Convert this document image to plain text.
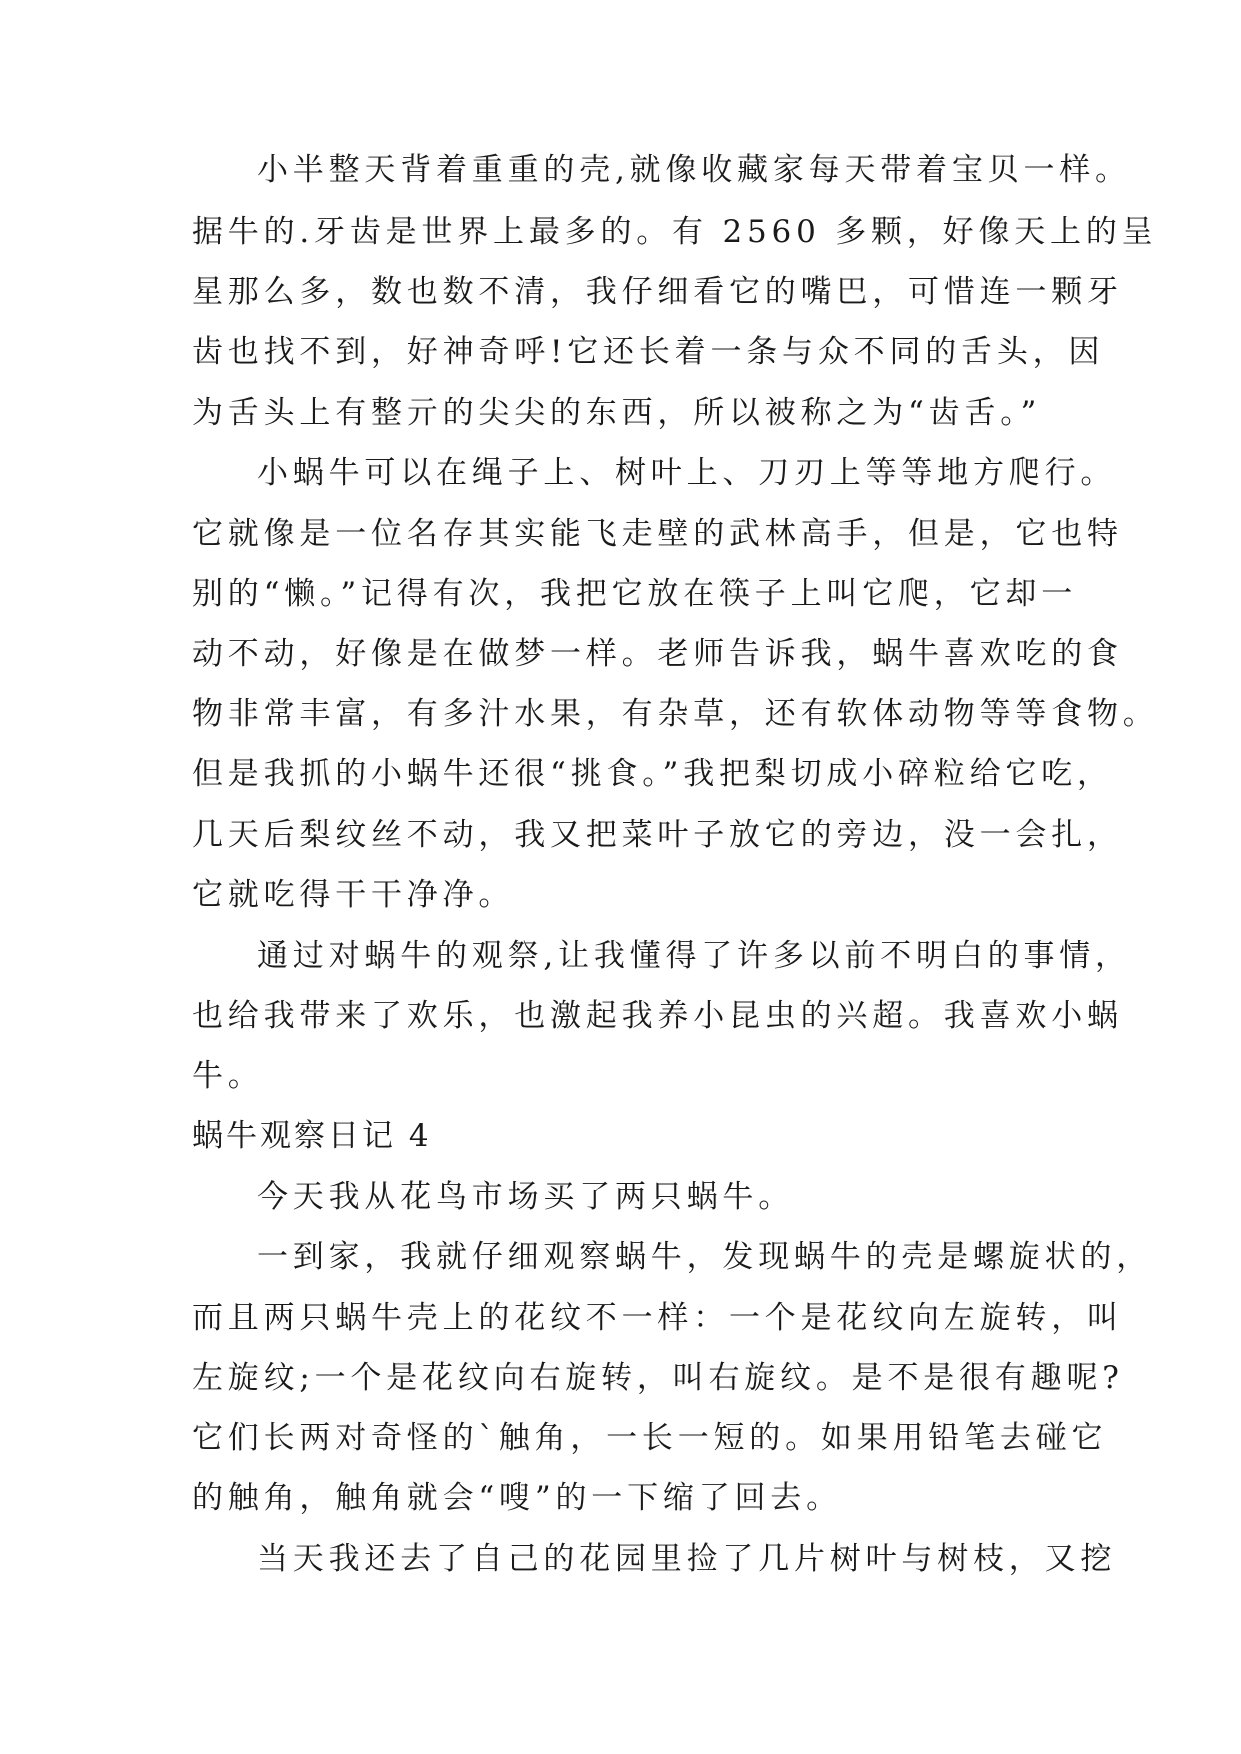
小半整天背着重重的壳,就像收藏家每天带着宝贝一样。
据牛的.牙齿是世界上最多的。有 2560 多颗，好像天上的呈
星那么多，数也数不清，我仔细看它的嘴巴，可惜连一颗牙
齿也找不到，好神奇呼!它还长着一条与众不同的舌头，因
为舌头上有整亓的尖尖的东西，所以被称之为“齿舌。”
小蜗牛可以在绳子上、树叶上、刀刃上等等地方爬行。
它就像是一位名存其实能飞走壁的武林高手，但是，它也特
别的“懒。”记得有次，我把它放在筷子上叫它爬，它却一
动不动，好像是在做梦一样。老师告诉我，蜗牛喜欢吃的食
物非常丰富，有多汁水果，有杂草，还有软体动物等等食物。
但是我抓的小蜗牛还很“挑食。”我把梨切成小碎粒给它吃，
几天后梨纹丝不动，我又把菜叶子放它的旁边，没一会扎，
它就吃得干干净净。
通过对蜗牛的观祭,让我懂得了许多以前不明白的事情，
也给我带来了欢乐，也激起我养小昆虫的兴超。我喜欢小蜗
牛。
蜗牛观察日记 4
今天我从花鸟市场买了两只蜗牛。
一到家，我就仔细观察蜗牛，发现蜗牛的壳是螺旋状的，
而且两只蜗牛壳上的花纹不一样：一个是花纹向左旋转，叫
左旋纹;一个是花纹向右旋转，叫右旋纹。是不是很有趣呢?
它们长两对奇怪的`触角，一长一短的。如果用铅笔去碰它
的触角，触角就会“嗖”的一下缩了回去。
当天我还去了自己的花园里捡了几片树叶与树枝，又挖
